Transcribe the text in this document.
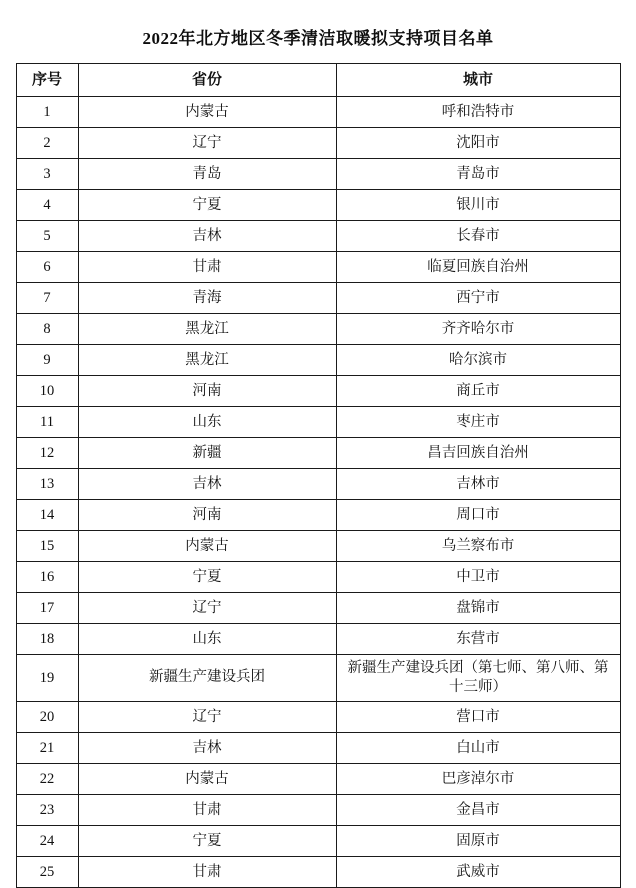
2022年北方地区冬季清洁取暖拟支持项目名单
序号	省份	城市
1	内蒙古	呼和浩特市
2	辽宁	沈阳市
3	青岛	青岛市
4	宁夏	银川市
5	吉林	长春市
6	甘肃	临夏回族自治州
7	青海	西宁市
8	黑龙江	齐齐哈尔市
9	黑龙江	哈尔滨市
10	河南	商丘市
11	山东	枣庄市
12	新疆	昌吉回族自治州
13	吉林	吉林市
14	河南	周口市
15	内蒙古	乌兰察布市
16	宁夏	中卫市
17	辽宁	盘锦市
18	山东	东营市
19	新疆生产建设兵团	新疆生产建设兵团（第七师、第八师、第十三师）
20	辽宁	营口市
21	吉林	白山市
22	内蒙古	巴彦淖尔市
23	甘肃	金昌市
24	宁夏	固原市
25	甘肃	武威市
